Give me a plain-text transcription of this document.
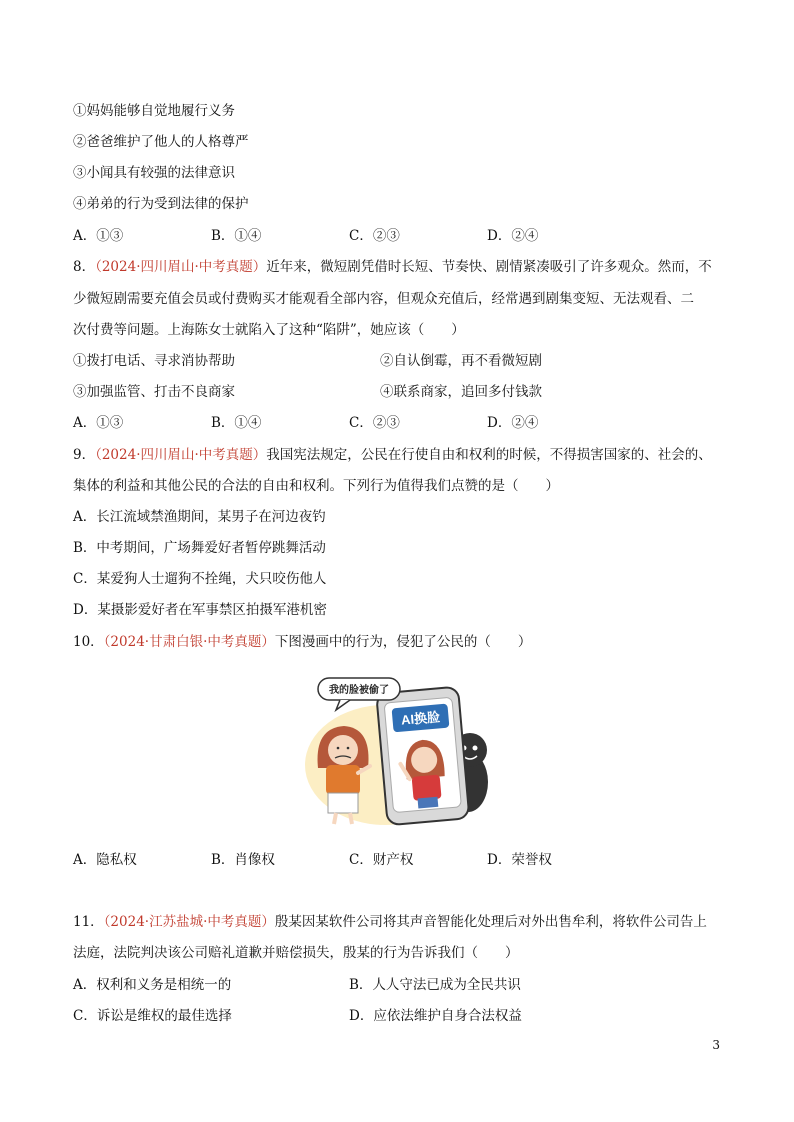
①妈妈能够自觉地履行义务
②爸爸维护了他人的人格尊严
③小闻具有较强的法律意识
④弟弟的行为受到法律的保护
A．①③	B．①④	C．②③	D．②④
8．（2024·四川眉山·中考真题）近年来，微短剧凭借时长短、节奏快、剧情紧凑吸引了许多观众。然而，不
少微短剧需要充值会员或付费购买才能观看全部内容，但观众充值后，经常遇到剧集变短、无法观看、二
次付费等问题。上海陈女士就陷入了这种“陷阱”，她应该（　　）
①拨打电话、寻求消协帮助	②自认倒霉，再不看微短剧
③加强监管、打击不良商家	④联系商家，追回多付钱款
A．①③	B．①④	C．②③	D．②④
9．（2024·四川眉山·中考真题）我国宪法规定，公民在行使自由和权利的时候，不得损害国家的、社会的、
集体的利益和其他公民的合法的自由和权利。下列行为值得我们点赞的是（　　）
A．长江流域禁渔期间，某男子在河边夜钓
B．中考期间，广场舞爱好者暂停跳舞活动
C．某爱狗人士遛狗不拴绳，犬只咬伤他人
D．某摄影爱好者在军事禁区拍摄军港机密
10．（2024·甘肃白银·中考真题）下图漫画中的行为，侵犯了公民的（　　）
AI换脸
我的脸被偷了
A．隐私权	B．肖像权	C．财产权	D．荣誉权
11．（2024·江苏盐城·中考真题）殷某因某软件公司将其声音智能化处理后对外出售牟利，将软件公司告上
法庭，法院判决该公司赔礼道歉并赔偿损失，殷某的行为告诉我们（　　）
A．权利和义务是相统一的	B．人人守法已成为全民共识
C．诉讼是维权的最佳选择	D．应依法维护自身合法权益
3
